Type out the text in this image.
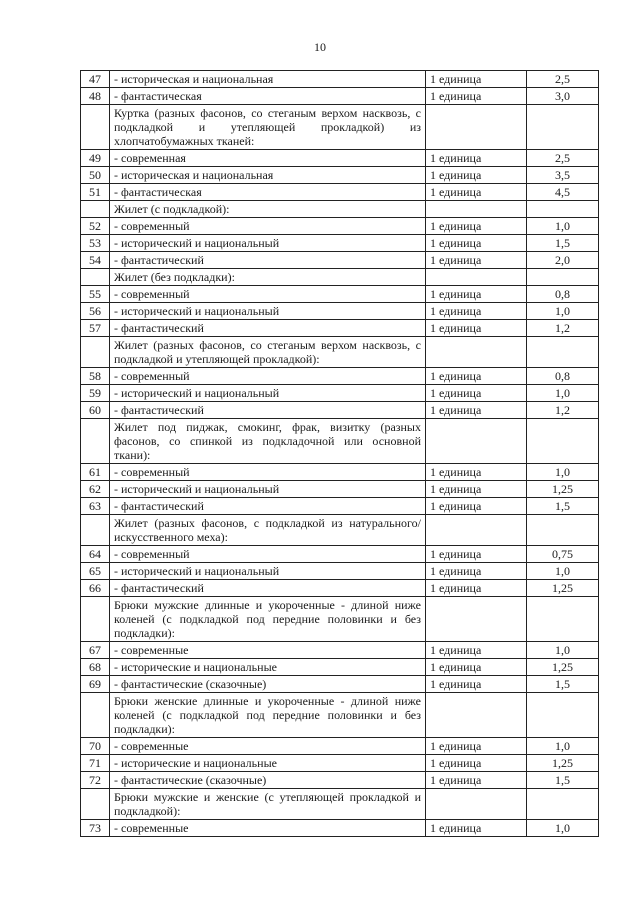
10
47	- историческая и национальная	1 единица	2,5
48	- фантастическая	1 единица	3,0
	Куртка (разных фасонов, со стеганым верхом насквозь, с подкладкой и утепляющей прокладкой) из хлопчатобумажных тканей:		
49	- современная	1 единица	2,5
50	- историческая и национальная	1 единица	3,5
51	- фантастическая	1 единица	4,5
	Жилет (с подкладкой):		
52	- современный	1 единица	1,0
53	- исторический и национальный	1 единица	1,5
54	- фантастический	1 единица	2,0
	Жилет (без подкладки):		
55	- современный	1 единица	0,8
56	- исторический и национальный	1 единица	1,0
57	- фантастический	1 единица	1,2
	Жилет (разных фасонов, со стеганым верхом насквозь, с подкладкой и утепляющей прокладкой):		
58	- современный	1 единица	0,8
59	- исторический и национальный	1 единица	1,0
60	- фантастический	1 единица	1,2
	Жилет под пиджак, смокинг, фрак, визитку (разных фасонов, со спинкой из подкладочной или основной ткани):		
61	- современный	1 единица	1,0
62	- исторический и национальный	1 единица	1,25
63	- фантастический	1 единица	1,5
	Жилет (разных фасонов, с подкладкой из натурального/искусственного меха):		
64	- современный	1 единица	0,75
65	- исторический и национальный	1 единица	1,0
66	- фантастический	1 единица	1,25
	Брюки мужские длинные и укороченные - длиной ниже коленей (с подкладкой под передние половинки и без подкладки):		
67	- современные	1 единица	1,0
68	- исторические и национальные	1 единица	1,25
69	- фантастические (сказочные)	1 единица	1,5
	Брюки женские длинные и укороченные - длиной ниже коленей (с подкладкой под передние половинки и без подкладки):		
70	- современные	1 единица	1,0
71	- исторические и национальные	1 единица	1,25
72	- фантастические (сказочные)	1 единица	1,5
	Брюки мужские и женские (с утепляющей прокладкой и подкладкой):		
73	- современные	1 единица	1,0
